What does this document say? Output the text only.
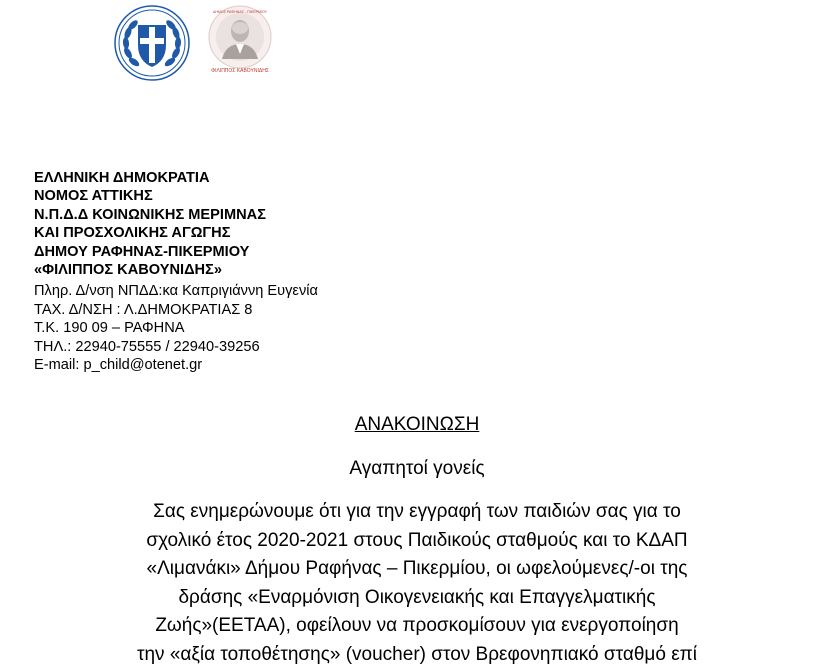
ΔΗΜΟΣ ΡΑΦΗΝΑΣ - ΠΙΚΕΡΜΙΟΥ
ΦΙΛΙΠΠΟΣ ΚΑΒΟΥΝΙΔΗΣ
ΕΛΛΗΝΙΚΗ ΔΗΜΟΚΡΑΤΙΑ
ΝΟΜΟΣ ΑΤΤΙΚΗΣ
Ν.Π.Δ.Δ ΚΟΙΝΩΝΙΚΗΣ ΜΕΡΙΜΝΑΣ
ΚΑΙ ΠΡΟΣΧΟΛΙΚΗΣ ΑΓΩΓΗΣ
ΔΗΜΟΥ ΡΑΦΗΝΑΣ-ΠΙΚΕΡΜΙΟΥ
«ΦΙΛΙΠΠΟΣ ΚΑΒΟΥΝΙΔΗΣ»
Πληρ. Δ/νση ΝΠΔΔ:κα Καπριγιάννη Ευγενία
ΤΑΧ. Δ/ΝΣΗ : Λ.ΔΗΜΟΚΡΑΤΙΑΣ 8
Τ.Κ. 190 09 – ΡΑΦΗΝΑ
ΤΗΛ.: 22940-75555 / 22940-39256
E-mail: p_child@otenet.gr

ΑΝΑΚΟΙΝΩΣΗ

Αγαπητοί γονείς

Σας ενημερώνουμε ότι για την εγγραφή των παιδιών σας για το
σχολικό έτος 2020-2021 στους Παιδικούς σταθμούς και το ΚΔΑΠ
«Λιμανάκι» Δήμου Ραφήνας – Πικερμίου, οι ωφελούμενες/-οι της
δράσης «Εναρμόνιση Οικογενειακής και Επαγγελματικής
Ζωής»(ΕΕΤΑΑ), οφείλουν να προσκομίσουν για ενεργοποίηση
την «αξία τοποθέτησης» (voucher) στον Βρεφονηπιακό σταθμό επί
